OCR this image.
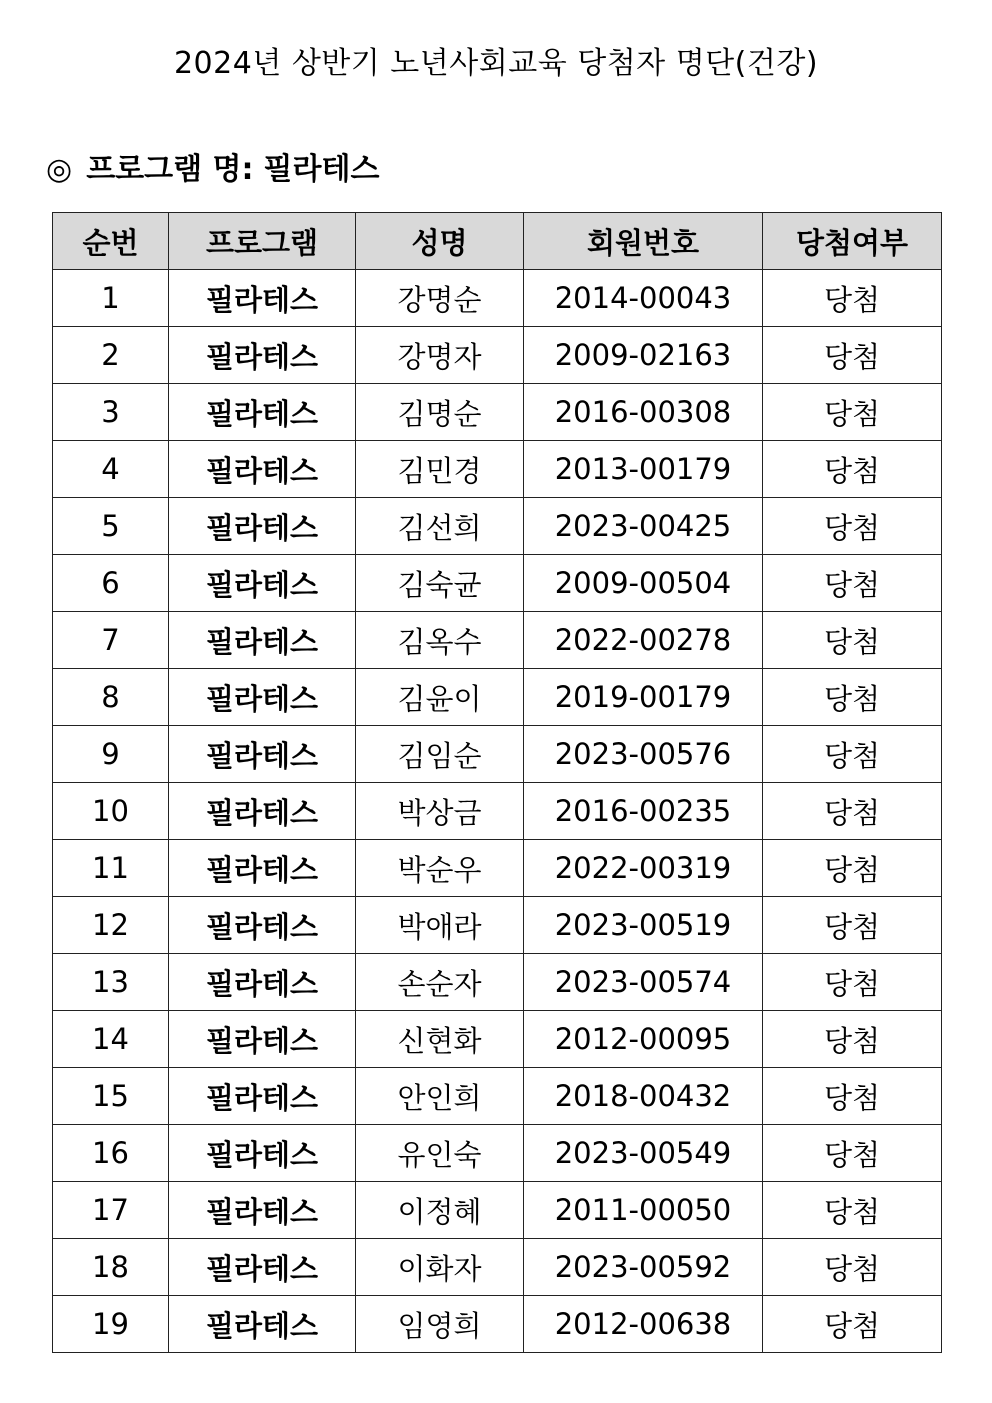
2024년 상반기 노년사회교육 당첨자 명단(건강)
◎ 프로그램 명: 필라테스
순번	프로그램	성명	회원번호	당첨여부
1	필라테스	강명순	2014-00043	당첨
2	필라테스	강명자	2009-02163	당첨
3	필라테스	김명순	2016-00308	당첨
4	필라테스	김민경	2013-00179	당첨
5	필라테스	김선희	2023-00425	당첨
6	필라테스	김숙균	2009-00504	당첨
7	필라테스	김옥수	2022-00278	당첨
8	필라테스	김윤이	2019-00179	당첨
9	필라테스	김임순	2023-00576	당첨
10	필라테스	박상금	2016-00235	당첨
11	필라테스	박순우	2022-00319	당첨
12	필라테스	박애라	2023-00519	당첨
13	필라테스	손순자	2023-00574	당첨
14	필라테스	신현화	2012-00095	당첨
15	필라테스	안인희	2018-00432	당첨
16	필라테스	유인숙	2023-00549	당첨
17	필라테스	이정혜	2011-00050	당첨
18	필라테스	이화자	2023-00592	당첨
19	필라테스	임영희	2012-00638	당첨
